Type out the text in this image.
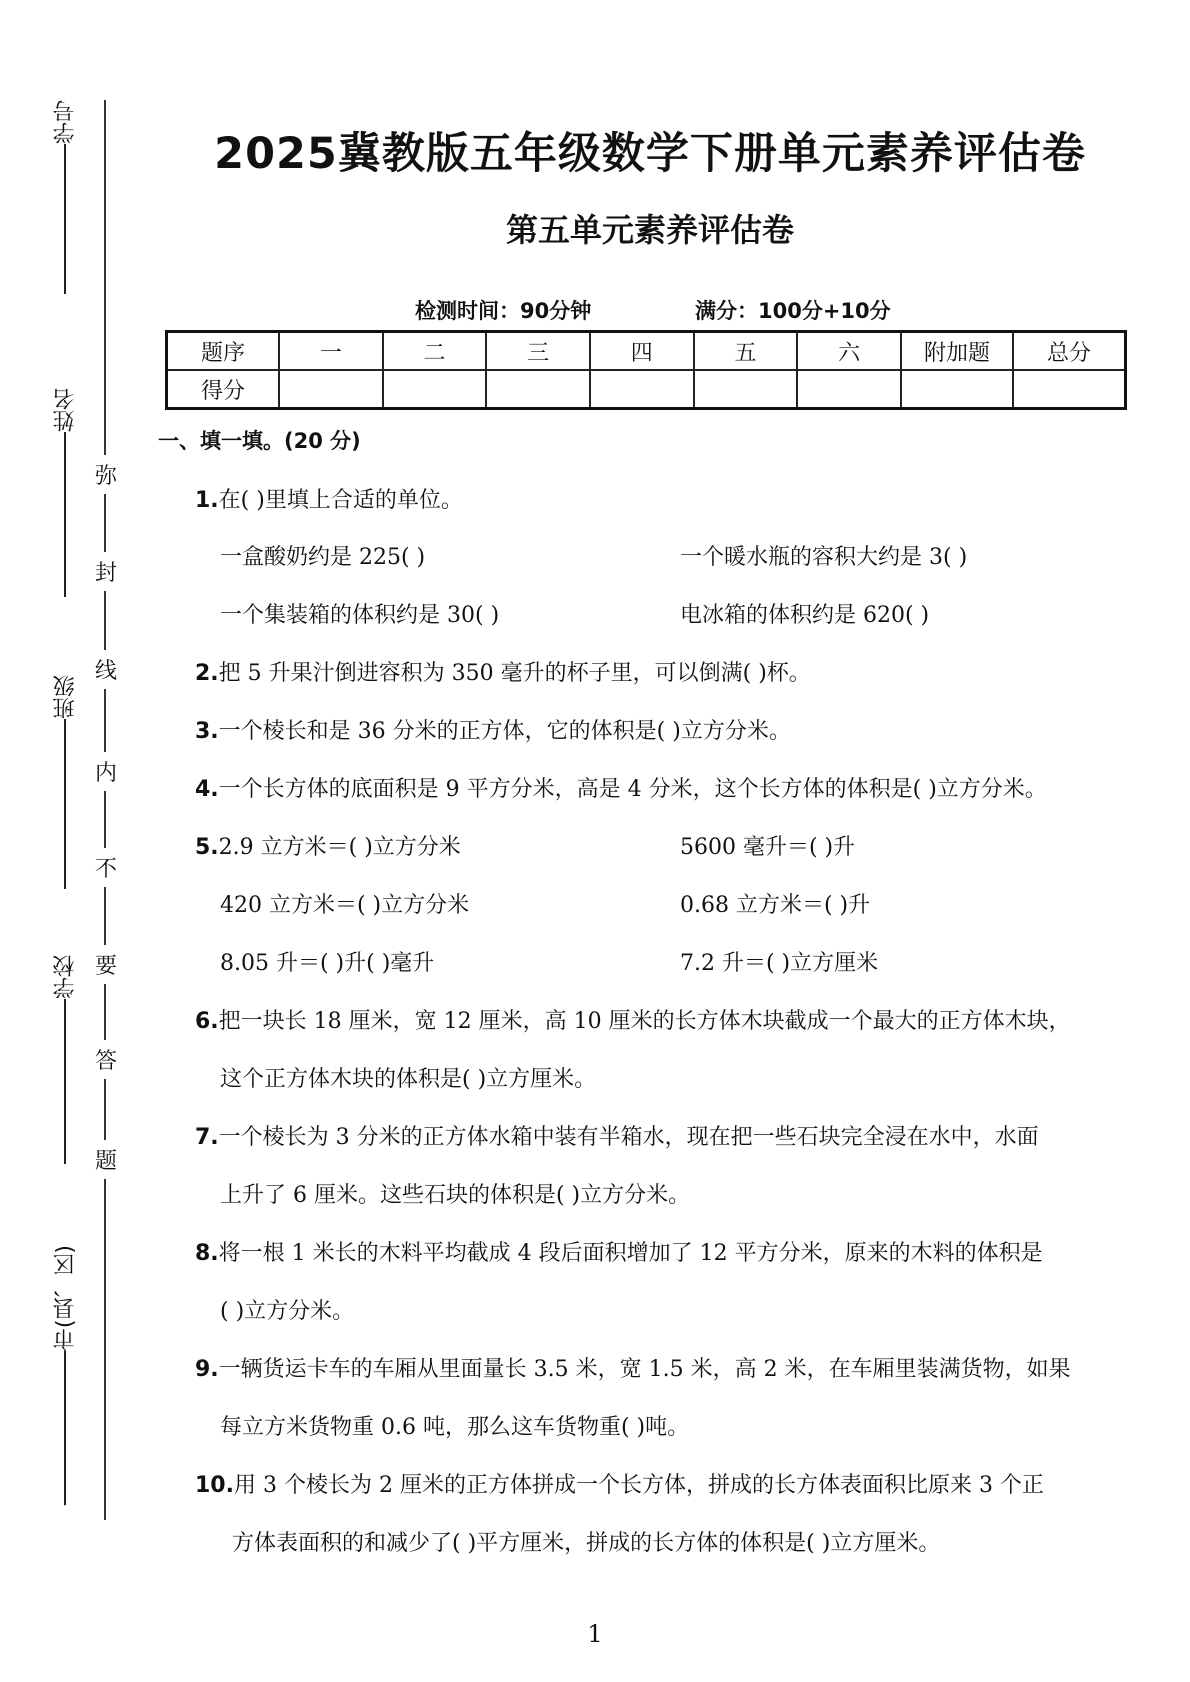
学号
姓名
班级
学校
市(县、区)
弥
封
线
内
不
要
答
题
2025冀教版五年级数学下册单元素养评估卷
第五单元素养评估卷
检测时间：90分钟	满分：100分+10分
题序	一	二	三	四	五	六	附加题	总分
得分								
一、填一填。(20 分)
1.在( )里填上合适的单位。
一盒酸奶约是 225( )	一个暖水瓶的容积大约是 3( )
一个集装箱的体积约是 30( )	电冰箱的体积约是 620( )
2.把 5 升果汁倒进容积为 350 毫升的杯子里，可以倒满( )杯。
3.一个棱长和是 36 分米的正方体，它的体积是( )立方分米。
4.一个长方体的底面积是 9 平方分米，高是 4 分米，这个长方体的体积是( )立方分米。
5.2.9 立方米＝( )立方分米	5600 毫升＝( )升
420 立方米＝( )立方分米	0.68 立方米＝( )升
8.05 升＝( )升( )毫升	7.2 升＝( )立方厘米
6.把一块长 18 厘米，宽 12 厘米，高 10 厘米的长方体木块截成一个最大的正方体木块，
这个正方体木块的体积是( )立方厘米。
7.一个棱长为 3 分米的正方体水箱中装有半箱水，现在把一些石块完全浸在水中，水面
上升了 6 厘米。这些石块的体积是( )立方分米。
8.将一根 1 米长的木料平均截成 4 段后面积增加了 12 平方分米，原来的木料的体积是
( )立方分米。
9.一辆货运卡车的车厢从里面量长 3.5 米，宽 1.5 米，高 2 米，在车厢里装满货物，如果
每立方米货物重 0.6 吨，那么这车货物重( )吨。
10.用 3 个棱长为 2 厘米的正方体拼成一个长方体，拼成的长方体表面积比原来 3 个正
方体表面积的和减少了( )平方厘米，拼成的长方体的体积是( )立方厘米。
1
